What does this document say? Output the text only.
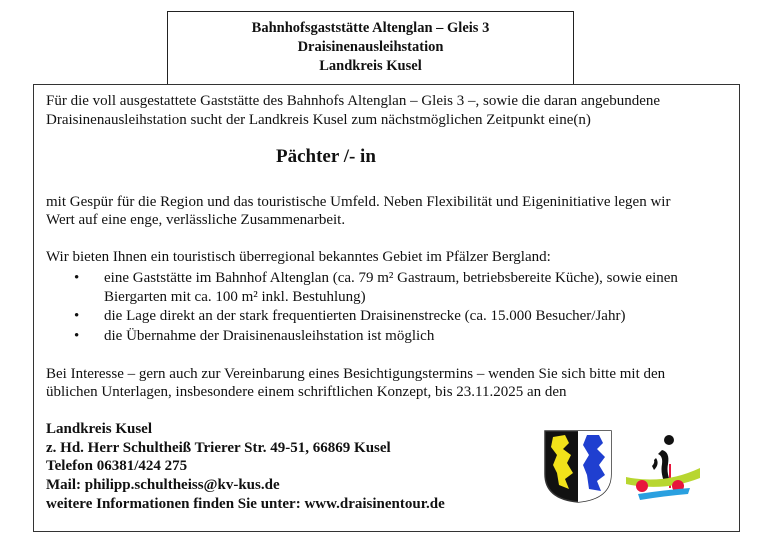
Bahnhofsgaststätte Altenglan – Gleis 3
Draisinenausleihstation
Landkreis Kusel
Für die voll ausgestattete Gaststätte des Bahnhofs Altenglan – Gleis 3 –, sowie die daran angebundene
Draisinenausleihstation sucht der Landkreis Kusel zum nächstmöglichen Zeitpunkt eine(n)
Pächter /- in
mit Gespür für die Region und das touristische Umfeld. Neben Flexibilität und Eigeninitiative legen wir
Wert auf eine enge, verlässliche Zusammenarbeit.
Wir bieten Ihnen ein touristisch überregional bekanntes Gebiet im Pfälzer Bergland:
• eine Gaststätte im Bahnhof Altenglan (ca. 79 m² Gastraum, betriebsbereite Küche), sowie einen
Biergarten mit ca. 100 m² inkl. Bestuhlung)
• die Lage direkt an der stark frequentierten Draisinenstrecke (ca. 15.000 Besucher/Jahr)
• die Übernahme der Draisinenausleihstation ist möglich
Bei Interesse – gern auch zur Vereinbarung eines Besichtigungstermins – wenden Sie sich bitte mit den
üblichen Unterlagen, insbesondere einem schriftlichen Konzept, bis 23.11.2025 an den
Landkreis Kusel
z. Hd. Herr Schultheiß Trierer Str. 49-51, 66869 Kusel
Telefon 06381/424 275
Mail: philipp.schultheiss@kv-kus.de
weitere Informationen finden Sie unter: www.draisinentour.de
